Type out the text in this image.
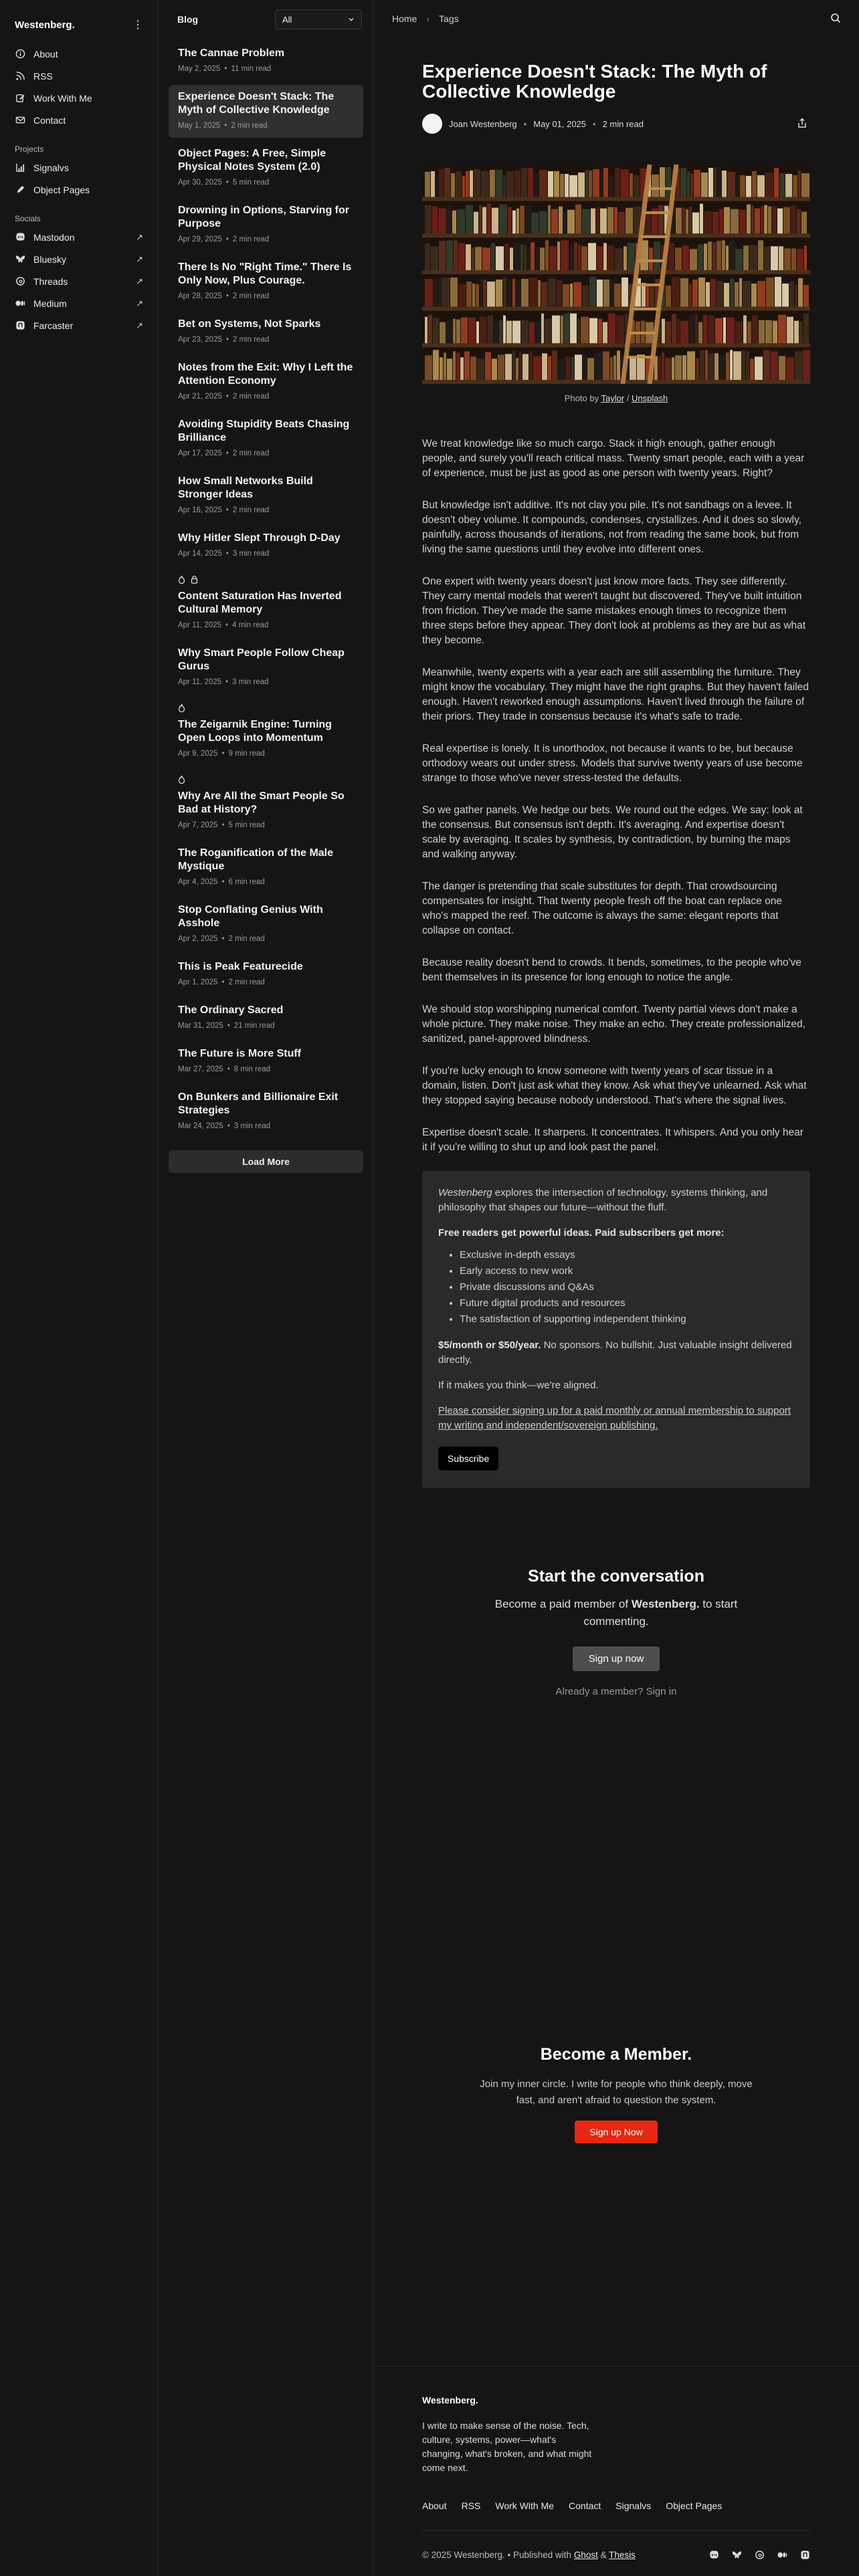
Westenberg.	⋮
About
RSS
Work With Me
Contact
Projects
Signalvs
Object Pages
Socials
Mastodon	↗
Bluesky	↗
Threads	↗
Medium	↗
Farcaster	↗
Blog	All
The Cannae Problem
May 2, 2025 • 11 min read
Experience Doesn't Stack: The Myth of Collective Knowledge
May 1, 2025 • 2 min read
Object Pages: A Free, Simple Physical Notes System (2.0)
Apr 30, 2025 • 5 min read
Drowning in Options, Starving for Purpose
Apr 29, 2025 • 2 min read
There Is No "Right Time." There Is Only Now, Plus Courage.
Apr 28, 2025 • 2 min read
Bet on Systems, Not Sparks
Apr 23, 2025 • 2 min read
Notes from the Exit: Why I Left the Attention Economy
Apr 21, 2025 • 2 min read
Avoiding Stupidity Beats Chasing Brilliance
Apr 17, 2025 • 2 min read
How Small Networks Build Stronger Ideas
Apr 16, 2025 • 2 min read
Why Hitler Slept Through D-Day
Apr 14, 2025 • 3 min read
Content Saturation Has Inverted Cultural Memory
Apr 11, 2025 • 4 min read
Why Smart People Follow Cheap Gurus
Apr 11, 2025 • 3 min read
The Zeigarnik Engine: Turning Open Loops into Momentum
Apr 9, 2025 • 9 min read
Why Are All the Smart People So Bad at History?
Apr 7, 2025 • 5 min read
The Roganification of the Male Mystique
Apr 4, 2025 • 6 min read
Stop Conflating Genius With Asshole
Apr 2, 2025 • 2 min read
This is Peak Featurecide
Apr 1, 2025 • 2 min read
The Ordinary Sacred
Mar 31, 2025 • 21 min read
The Future is More Stuff
Mar 27, 2025 • 8 min read
On Bunkers and Billionaire Exit Strategies
Mar 24, 2025 • 3 min read
Load More
Home › Tags
Experience Doesn't Stack: The Myth of Collective Knowledge
Joan Westenberg • May 01, 2025 • 2 min read
Photo by Taylor / Unsplash

We treat knowledge like so much cargo. Stack it high enough, gather enough people, and surely you'll reach critical mass. Twenty smart people, each with a year of experience, must be just as good as one person with twenty years. Right?

But knowledge isn't additive. It's not clay you pile. It's not sandbags on a levee. It doesn't obey volume. It compounds, condenses, crystallizes. And it does so slowly, painfully, across thousands of iterations, not from reading the same book, but from living the same questions until they evolve into different ones.

One expert with twenty years doesn't just know more facts. They see differently. They carry mental models that weren't taught but discovered. They've built intuition from friction. They've made the same mistakes enough times to recognize them three steps before they appear. They don't look at problems as they are but as what they become.

Meanwhile, twenty experts with a year each are still assembling the furniture. They might know the vocabulary. They might have the right graphs. But they haven't failed enough. Haven't reworked enough assumptions. Haven't lived through the failure of their priors. They trade in consensus because it's what's safe to trade.

Real expertise is lonely. It is unorthodox, not because it wants to be, but because orthodoxy wears out under stress. Models that survive twenty years of use become strange to those who've never stress-tested the defaults.

So we gather panels. We hedge our bets. We round out the edges. We say: look at the consensus. But consensus isn't depth. It's averaging. And expertise doesn't scale by averaging. It scales by synthesis, by contradiction, by burning the maps and walking anyway.

The danger is pretending that scale substitutes for depth. That crowdsourcing compensates for insight. That twenty people fresh off the boat can replace one who's mapped the reef. The outcome is always the same: elegant reports that collapse on contact.

Because reality doesn't bend to crowds. It bends, sometimes, to the people who've bent themselves in its presence for long enough to notice the angle.

We should stop worshipping numerical comfort. Twenty partial views don't make a whole picture. They make noise. They make an echo. They create professionalized, sanitized, panel-approved blindness.

If you're lucky enough to know someone with twenty years of scar tissue in a domain, listen. Don't just ask what they know. Ask what they've unlearned. Ask what they stopped saying because nobody understood. That's where the signal lives.

Expertise doesn't scale. It sharpens. It concentrates. It whispers. And you only hear it if you're willing to shut up and look past the panel.

Westenberg explores the intersection of technology, systems thinking, and philosophy that shapes our future—without the fluff.
Free readers get powerful ideas. Paid subscribers get more:
• Exclusive in-depth essays
• Early access to new work
• Private discussions and Q&As
• Future digital products and resources
• The satisfaction of supporting independent thinking
$5/month or $50/year. No sponsors. No bullshit. Just valuable insight delivered directly.
If it makes you think—we're aligned.
Please consider signing up for a paid monthly or annual membership to support my writing and independent/sovereign publishing.
Subscribe
Start the conversation
Become a paid member of Westenberg. to start commenting.
Sign up now
Already a member? Sign in
Become a Member.
Join my inner circle. I write for people who think deeply, move fast, and aren't afraid to question the system.
Sign up Now
Westenberg.
I write to make sense of the noise. Tech, culture, systems, power—what's changing, what's broken, and what might come next.
About RSS Work With Me Contact Signalvs Object Pages
© 2025 Westenberg. • Published with Ghost & Thesis
